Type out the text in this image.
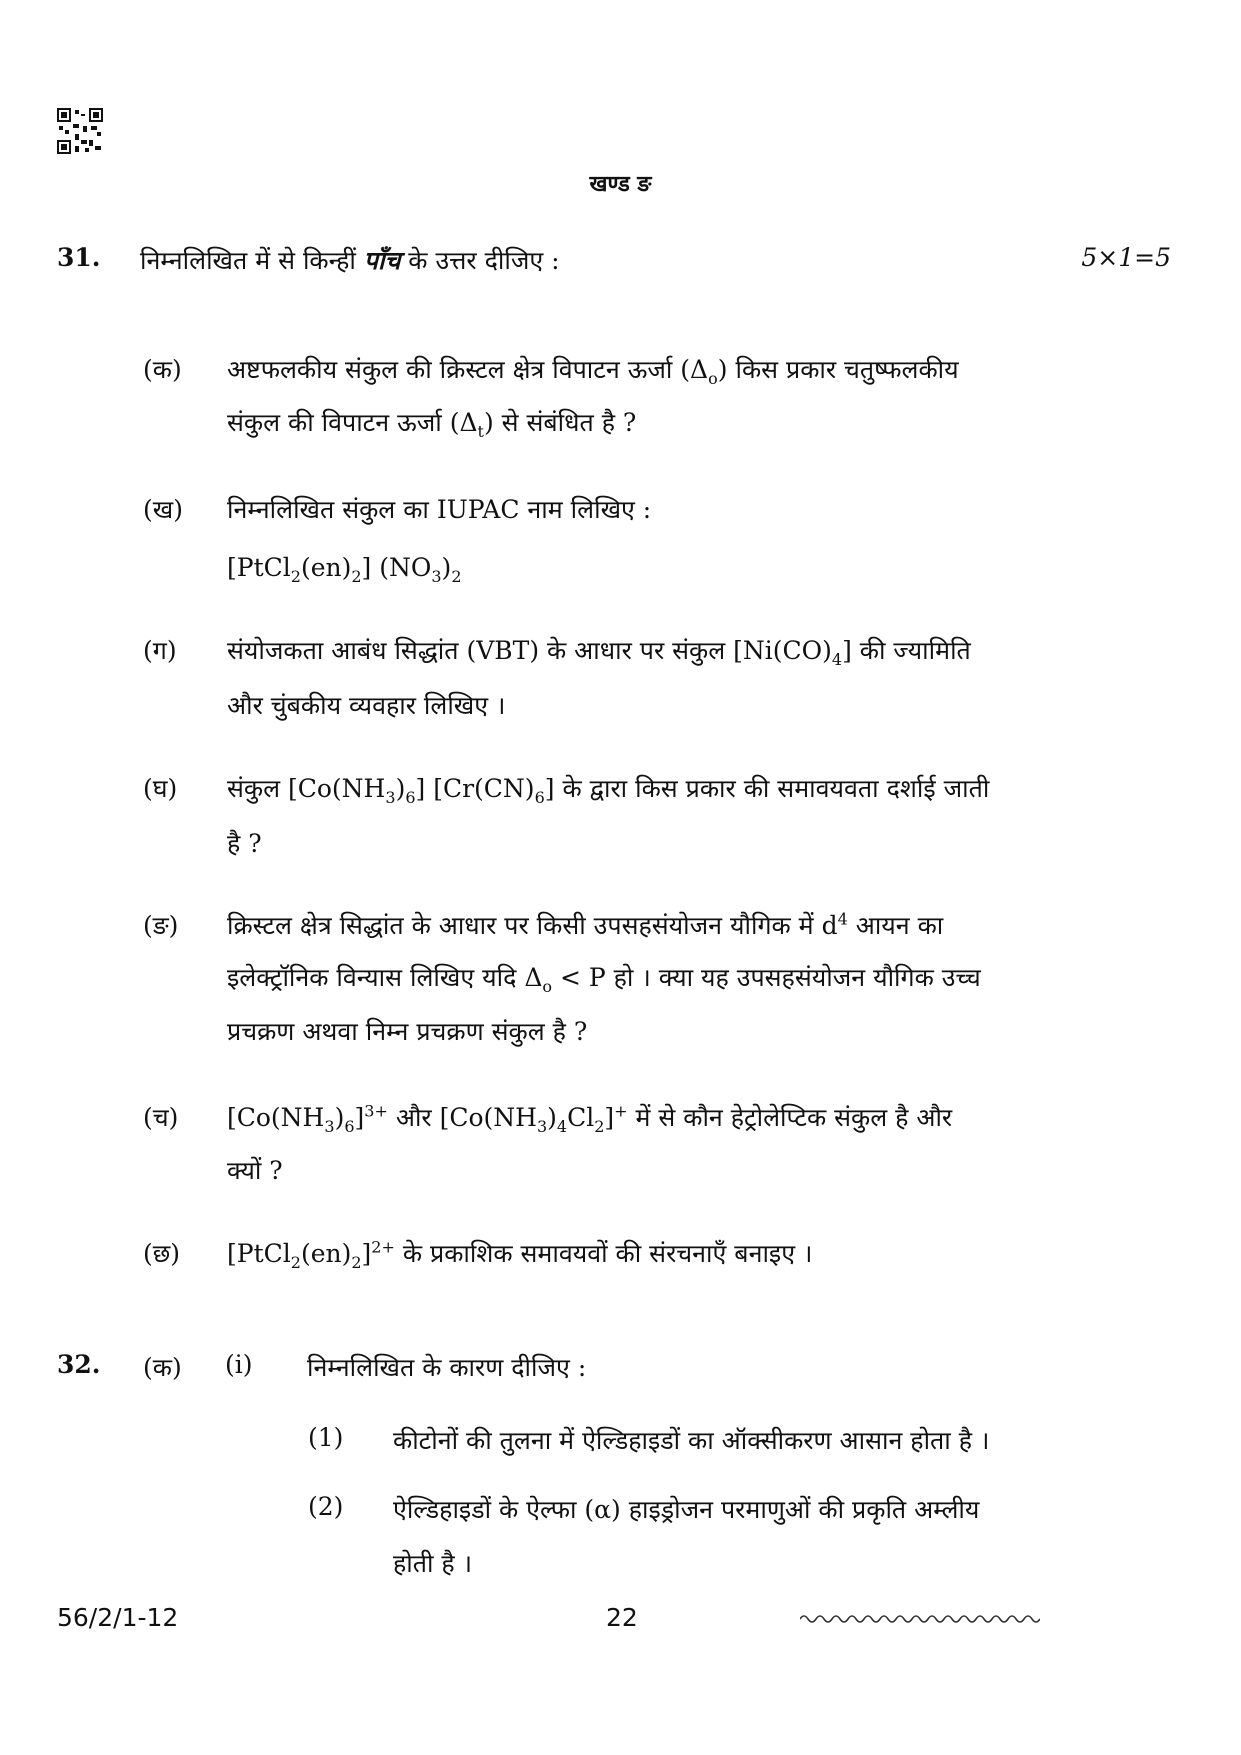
खण्ड ङ
31. निम्नलिखित में से किन्हीं पाँच के उत्तर दीजिए :	5×1=5
(क) अष्टफलकीय संकुल की क्रिस्टल क्षेत्र विपाटन ऊर्जा $(\Delta_o)$ किस प्रकार चतुष्फलकीय
संकुल की विपाटन ऊर्जा $(\Delta_t)$ से संबंधित है ?
(ख) निम्नलिखित संकुल का IUPAC नाम लिखिए :
$[PtCl_2(en)_2]$ $(NO_3)_2$
(ग) संयोजकता आबंध सिद्धांत (VBT) के आधार पर संकुल $[Ni(CO)_4]$ की ज्यामिति
और चुंबकीय व्यवहार लिखिए ।
(घ) संकुल $[Co(NH_3)_6]$ $[Cr(CN)_6]$ के द्वारा किस प्रकार की समावयवता दर्शाई जाती
है ?
(ङ) क्रिस्टल क्षेत्र सिद्धांत के आधार पर किसी उपसहसंयोजन यौगिक में $d^4$ आयन का
इलेक्ट्रॉनिक विन्यास लिखिए यदि $\Delta_o < P$ हो । क्या यह उपसहसंयोजन यौगिक उच्च
प्रचक्रण अथवा निम्न प्रचक्रण संकुल है ?
(च) $[Co(NH_3)_6]^{3+}$ और $[Co(NH_3)_4Cl_2]^+$ में से कौन हेट्रोलेप्टिक संकुल है और
क्यों ?
(छ) $[PtCl_2(en)_2]^{2+}$ के प्रकाशिक समावयवों की संरचनाएँ बनाइए ।
32. (क) (i) निम्नलिखित के कारण दीजिए :
(1) कीटोनों की तुलना में ऐल्डिहाइडों का ऑक्सीकरण आसान होता है ।
(2) ऐल्डिहाइडों के ऐल्फा (α) हाइड्रोजन परमाणुओं की प्रकृति अम्लीय
होती है ।
56/2/1-12	22
